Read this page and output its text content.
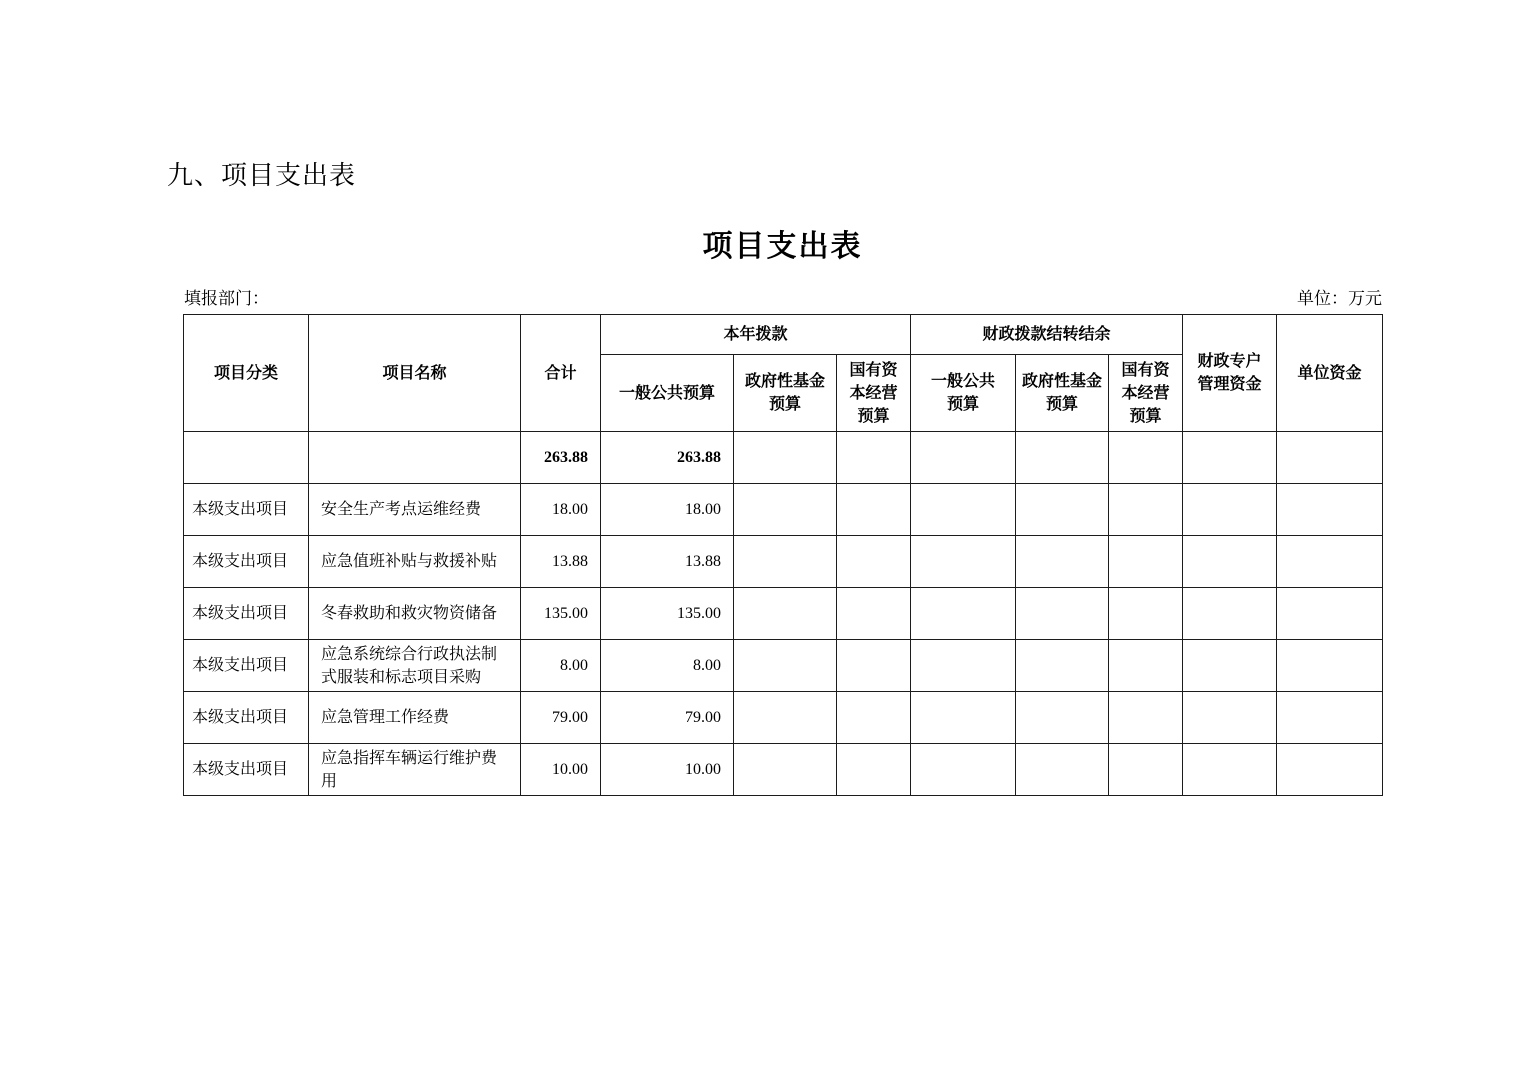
九、项目支出表
项目支出表
填报部门：	单位：万元
项目分类	项目名称	合计	本年拨款			财政拨款结转结余			财政专户管理资金	单位资金
			一般公共预算	政府性基金预算	国有资本经营预算	一般公共预算	政府性基金预算	国有资本经营预算		
		263.88	263.88							
本级支出项目	安全生产考点运维经费	18.00	18.00							
本级支出项目	应急值班补贴与救援补贴	13.88	13.88							
本级支出项目	冬春救助和救灾物资储备	135.00	135.00							
本级支出项目	应急系统综合行政执法制式服装和标志项目采购	8.00	8.00							
本级支出项目	应急管理工作经费	79.00	79.00							
本级支出项目	应急指挥车辆运行维护费用	10.00	10.00							
